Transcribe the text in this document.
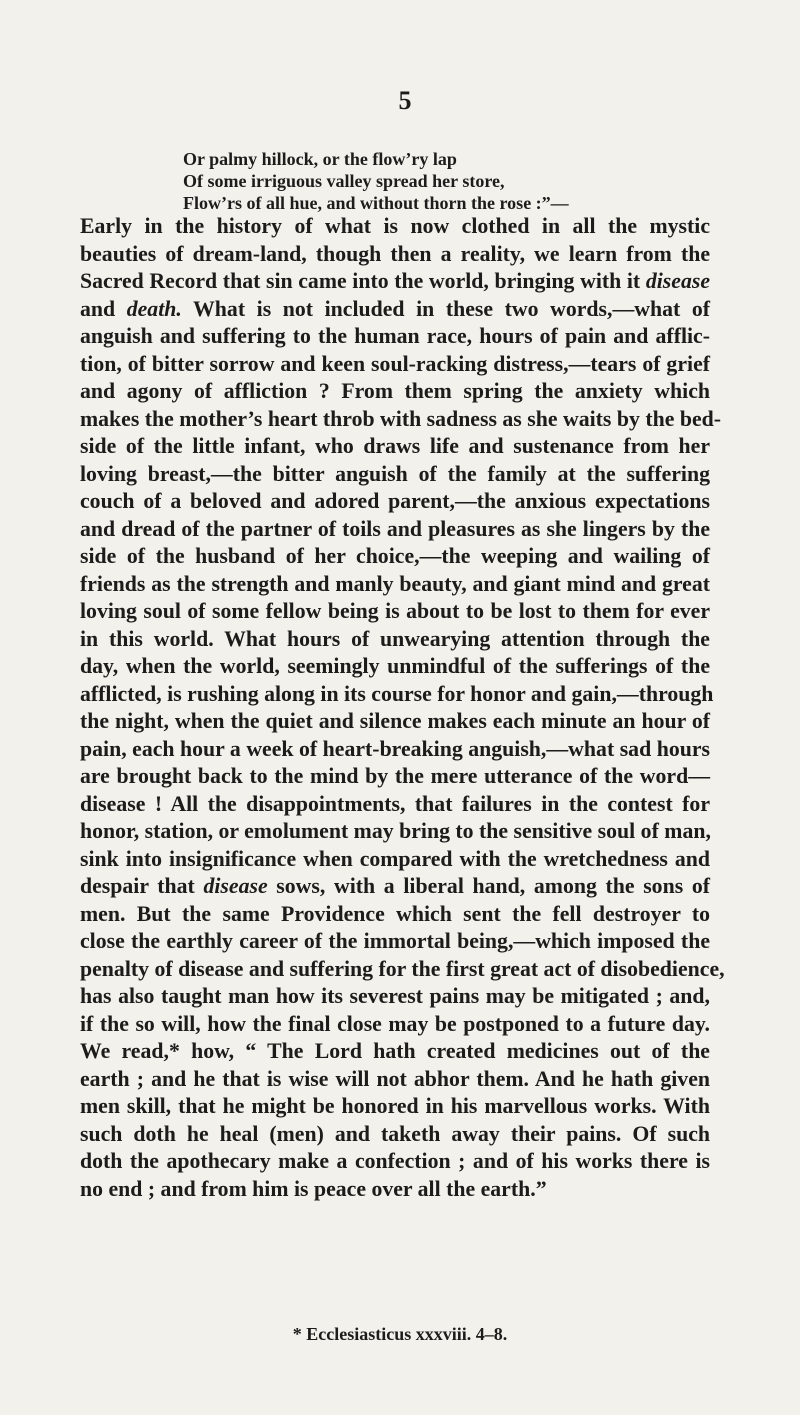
5
Or palmy hillock, or the flow’ry lap
Of some irriguous valley spread her store,
Flow’rs of all hue, and without thorn the rose :”—
Early in the history of what is now clothed in all the mystic
beauties of dream-land, though then a reality, we learn from the
Sacred Record that sin came into the world, bringing with it disease
and death. What is not included in these two words,—what of
anguish and suffering to the human race, hours of pain and afflic-
tion, of bitter sorrow and keen soul-racking distress,—tears of grief
and agony of affliction ? From them spring the anxiety which
makes the mother’s heart throb with sadness as she waits by the bed-
side of the little infant, who draws life and sustenance from her
loving breast,—the bitter anguish of the family at the suffering
couch of a beloved and adored parent,—the anxious expectations
and dread of the partner of toils and pleasures as she lingers by the
side of the husband of her choice,—the weeping and wailing of
friends as the strength and manly beauty, and giant mind and great
loving soul of some fellow being is about to be lost to them for ever
in this world. What hours of unwearying attention through the
day, when the world, seemingly unmindful of the sufferings of the
afflicted, is rushing along in its course for honor and gain,—through
the night, when the quiet and silence makes each minute an hour of
pain, each hour a week of heart-breaking anguish,—what sad hours
are brought back to the mind by the mere utterance of the word—
disease ! All the disappointments, that failures in the contest for
honor, station, or emolument may bring to the sensitive soul of man,
sink into insignificance when compared with the wretchedness and
despair that disease sows, with a liberal hand, among the sons of
men. But the same Providence which sent the fell destroyer to
close the earthly career of the immortal being,—which imposed the
penalty of disease and suffering for the first great act of disobedience,
has also taught man how its severest pains may be mitigated ; and,
if the so will, how the final close may be postponed to a future day.
We read,* how, “ The Lord hath created medicines out of the
earth ; and he that is wise will not abhor them. And he hath given
men skill, that he might be honored in his marvellous works. With
such doth he heal (men) and taketh away their pains. Of such
doth the apothecary make a confection ; and of his works there is
no end ; and from him is peace over all the earth.”
* Ecclesiasticus xxxviii. 4–8.
